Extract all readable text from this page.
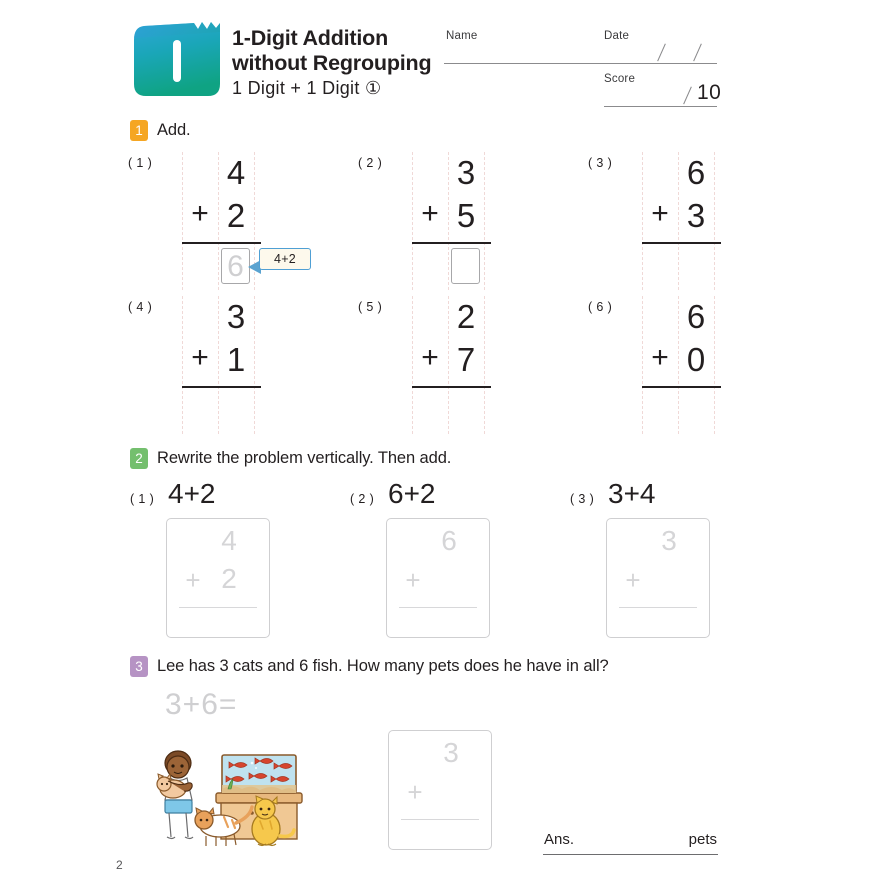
1-Digit Addition
without Regrouping
1 Digit + 1 Digit ①
Name	Date
Score
10
1 Add.
( 1 ) 4
+ 2
6	4+2
( 2 ) 3
+ 5
( 3 ) 6
+ 3
( 4 ) 3
+ 1
( 5 ) 2
+ 7
( 6 ) 6
+ 0
2 Rewrite the problem vertically. Then add.
( 1 ) 4+2
4
+ 2
( 2 ) 6+2
6
+
( 3 ) 3+4
3
+
3 Lee has 3 cats and 6 fish. How many pets does he have in all?
3+6=
3
+
Ans.	pets
2
